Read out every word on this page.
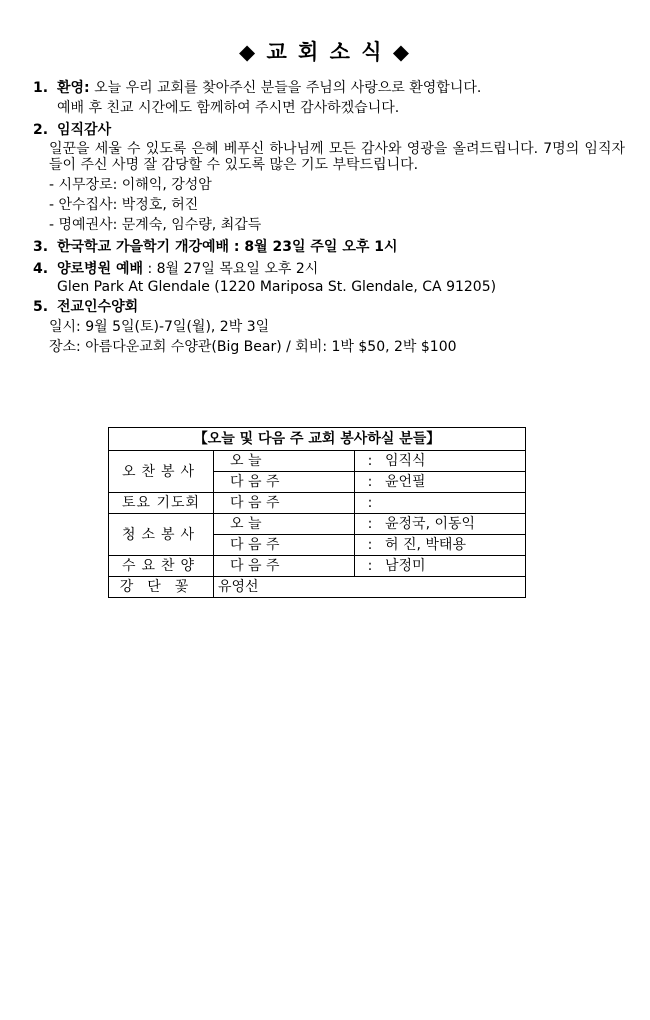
◆ 교 회 소 식 ◆
1. 환영: 오늘 우리 교회를 찾아주신 분들을 주님의 사랑으로 환영합니다.
예배 후 친교 시간에도 함께하여 주시면 감사하겠습니다.
2. 임직감사
일꾼을 세울 수 있도록 은혜 베푸신 하나님께 모든 감사와 영광을 올려드립니다. 7명의 임직자들이 주신 사명 잘 감당할 수 있도록 많은 기도 부탁드립니다.
- 시무장로: 이해익, 강성암
- 안수집사: 박정호, 허진
- 명예권사: 문계숙, 임수량, 최갑득
3. 한국학교 가을학기 개강예배 : 8월 23일 주일 오후 1시
4. 양로병원 예배 : 8월 27일 목요일 오후 2시
Glen Park At Glendale (1220 Mariposa St. Glendale, CA 91205)
5. 전교인수양회
일시: 9월 5일(토)-7일(월), 2박 3일
장소: 아름다운교회 수양관(Big Bear) / 회비: 1박 $50, 2박 $100
【오늘 및 다음 주 교회 봉사하실 분들】		
오찬봉사	오 늘	: 임직식
	다 음 주	: 윤언필
토요 기도회	다 음 주	:
청소봉사	오 늘	: 윤정국, 이동익
	다 음 주	: 허 진, 박태용
수요찬양	다 음 주	: 남정미
강단꽃	유영선	
